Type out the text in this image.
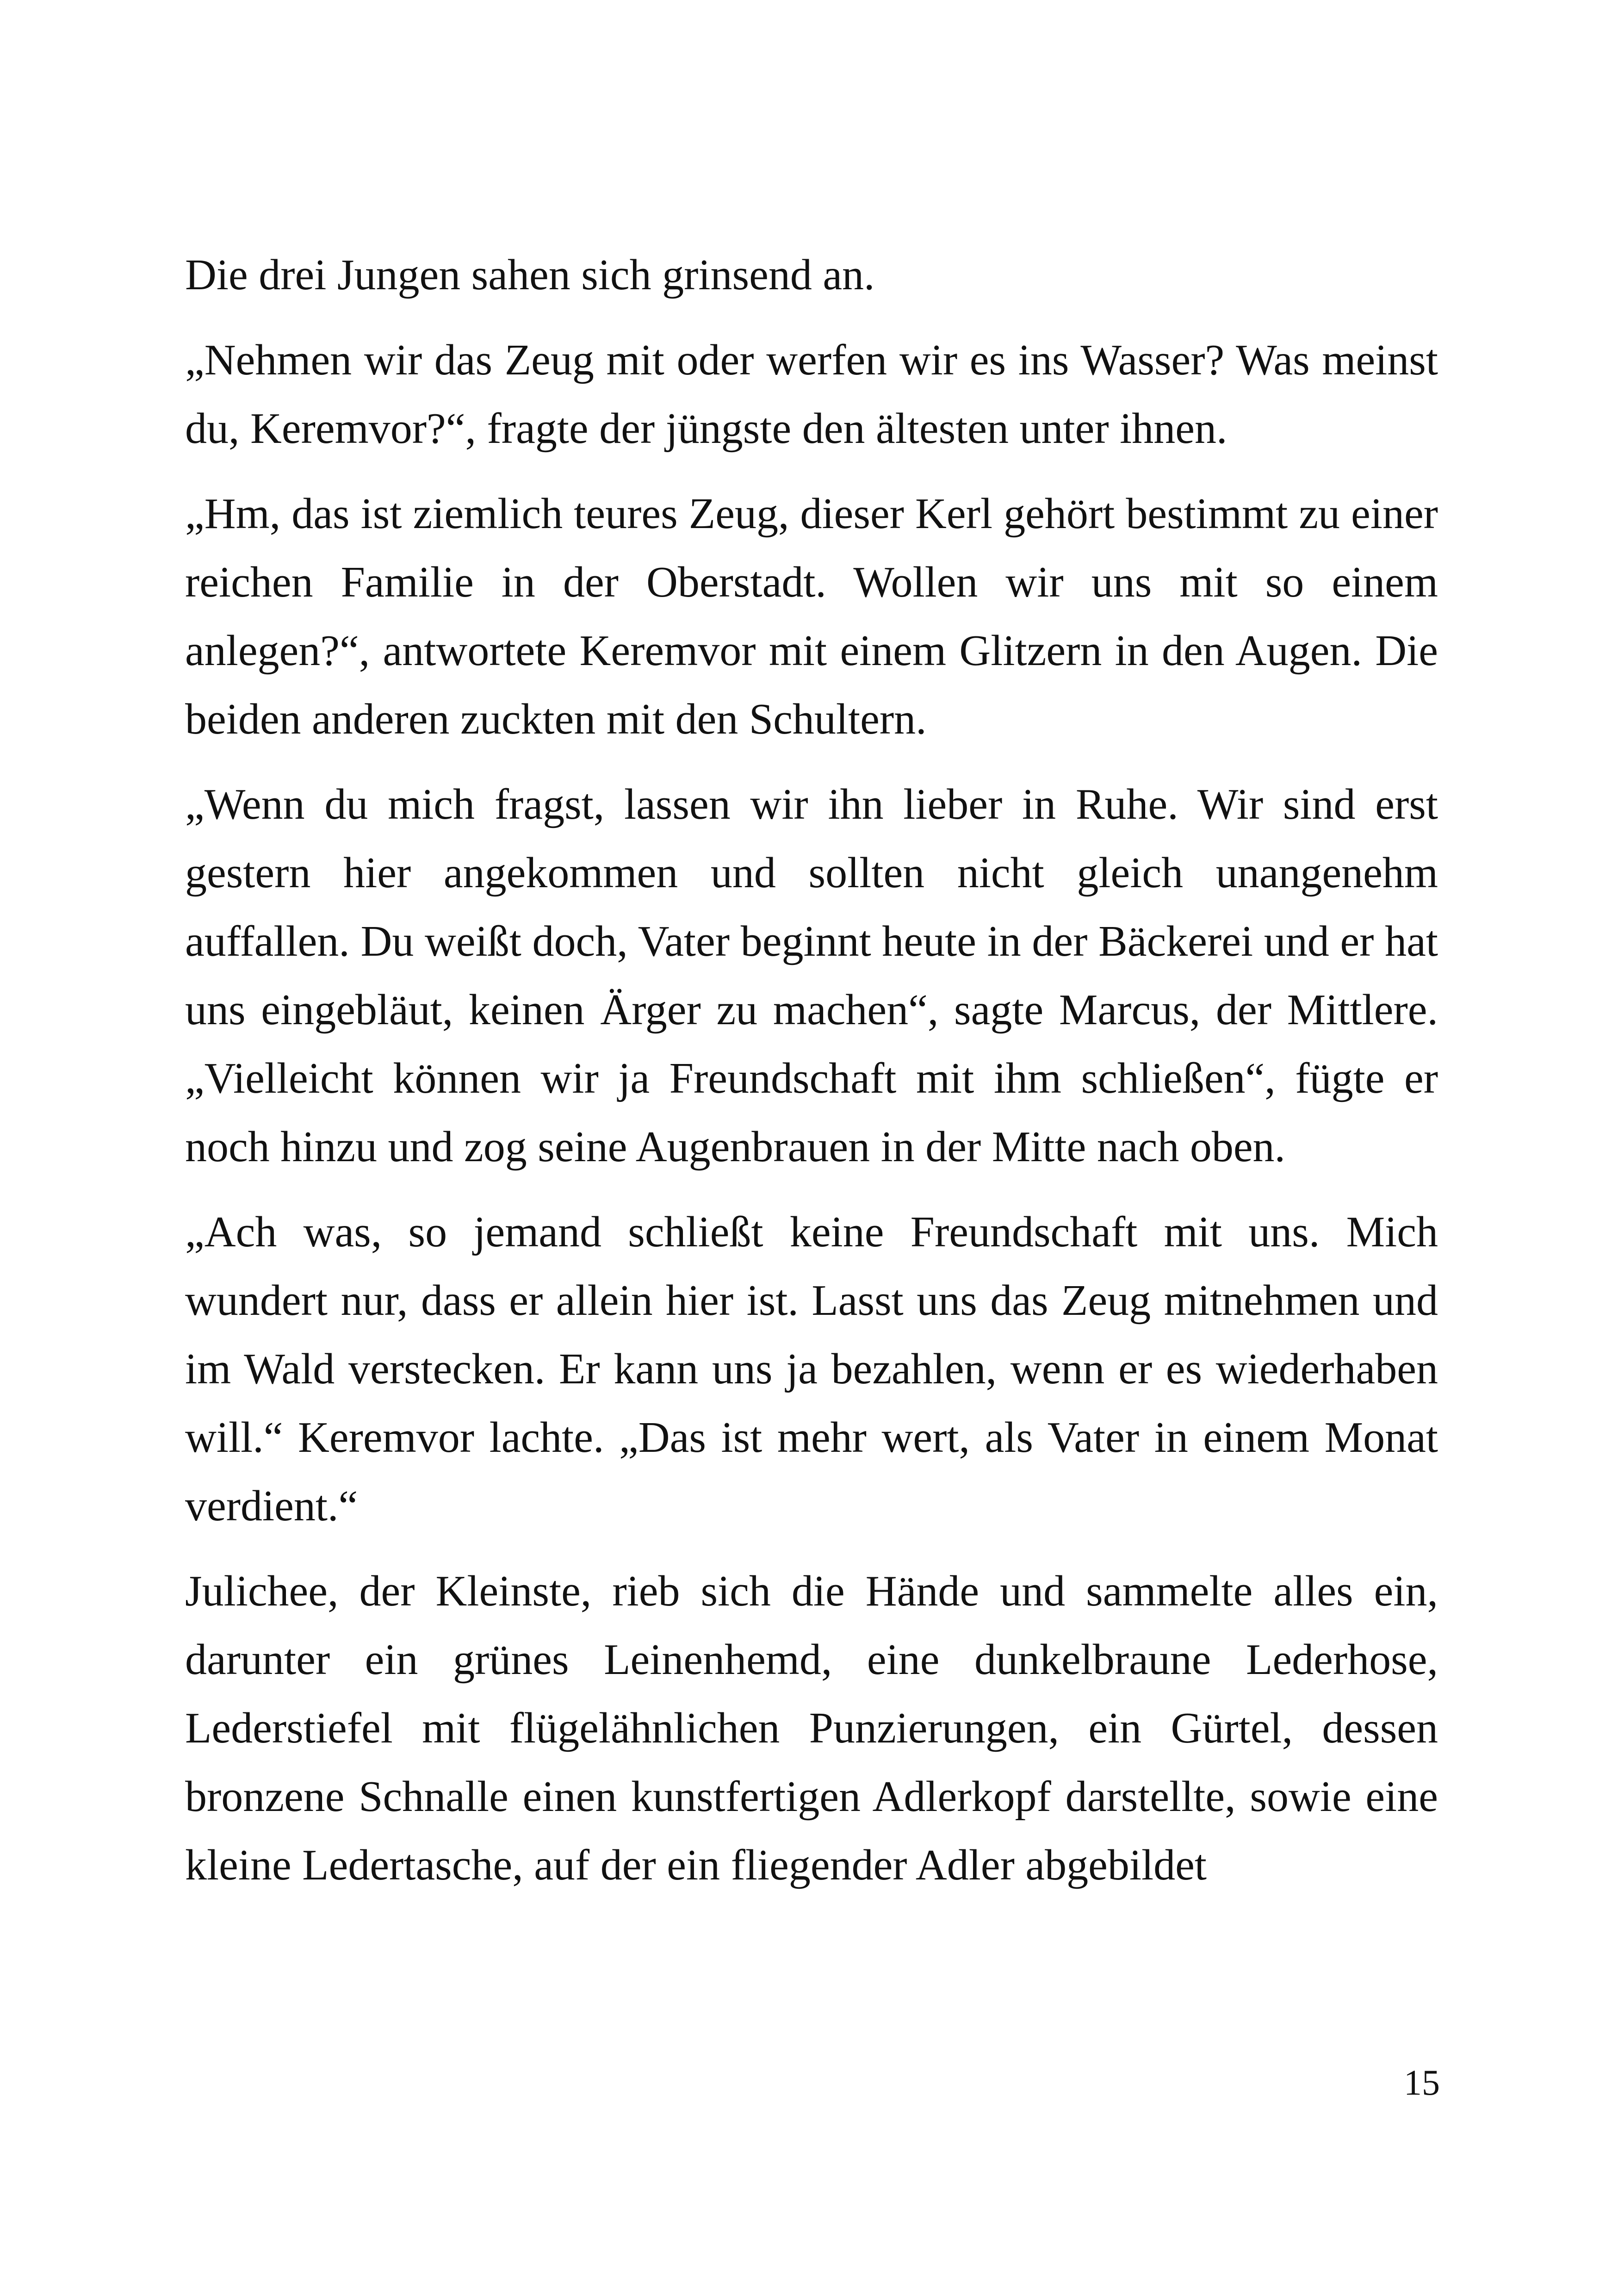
Die drei Jungen sahen sich grinsend an.

„Nehmen wir das Zeug mit oder werfen wir es ins Wasser? Was meinst du, Keremvor?“, fragte der jüngste den ältesten unter ihnen.

„Hm, das ist ziemlich teures Zeug, dieser Kerl gehört bestimmt zu einer reichen Familie in der Oberstadt. Wollen wir uns mit so einem anlegen?“, antwortete Keremvor mit einem Glitzern in den Augen. Die beiden anderen zuckten mit den Schultern.

„Wenn du mich fragst, lassen wir ihn lieber in Ruhe. Wir sind erst gestern hier angekommen und sollten nicht gleich unangenehm auffallen. Du weißt doch, Vater beginnt heute in der Bäckerei und er hat uns eingebläut, keinen Ärger zu machen“, sagte Marcus, der Mittlere. „Vielleicht können wir ja Freundschaft mit ihm schließen“, fügte er noch hinzu und zog seine Augenbrauen in der Mitte nach oben.

„Ach was, so jemand schließt keine Freundschaft mit uns. Mich wundert nur, dass er allein hier ist. Lasst uns das Zeug mitnehmen und im Wald verstecken. Er kann uns ja bezahlen, wenn er es wiederhaben will.“ Keremvor lachte. „Das ist mehr wert, als Vater in einem Monat verdient.“

Julichee, der Kleinste, rieb sich die Hände und sammelte alles ein, darunter ein grünes Leinenhemd, eine dunkelbraune Lederhose, Lederstiefel mit flügelähnlichen Punzierungen, ein Gürtel, dessen bronzene Schnalle einen kunstfertigen Adlerkopf darstellte, sowie eine kleine Ledertasche, auf der ein fliegender Adler abgebildet

15
